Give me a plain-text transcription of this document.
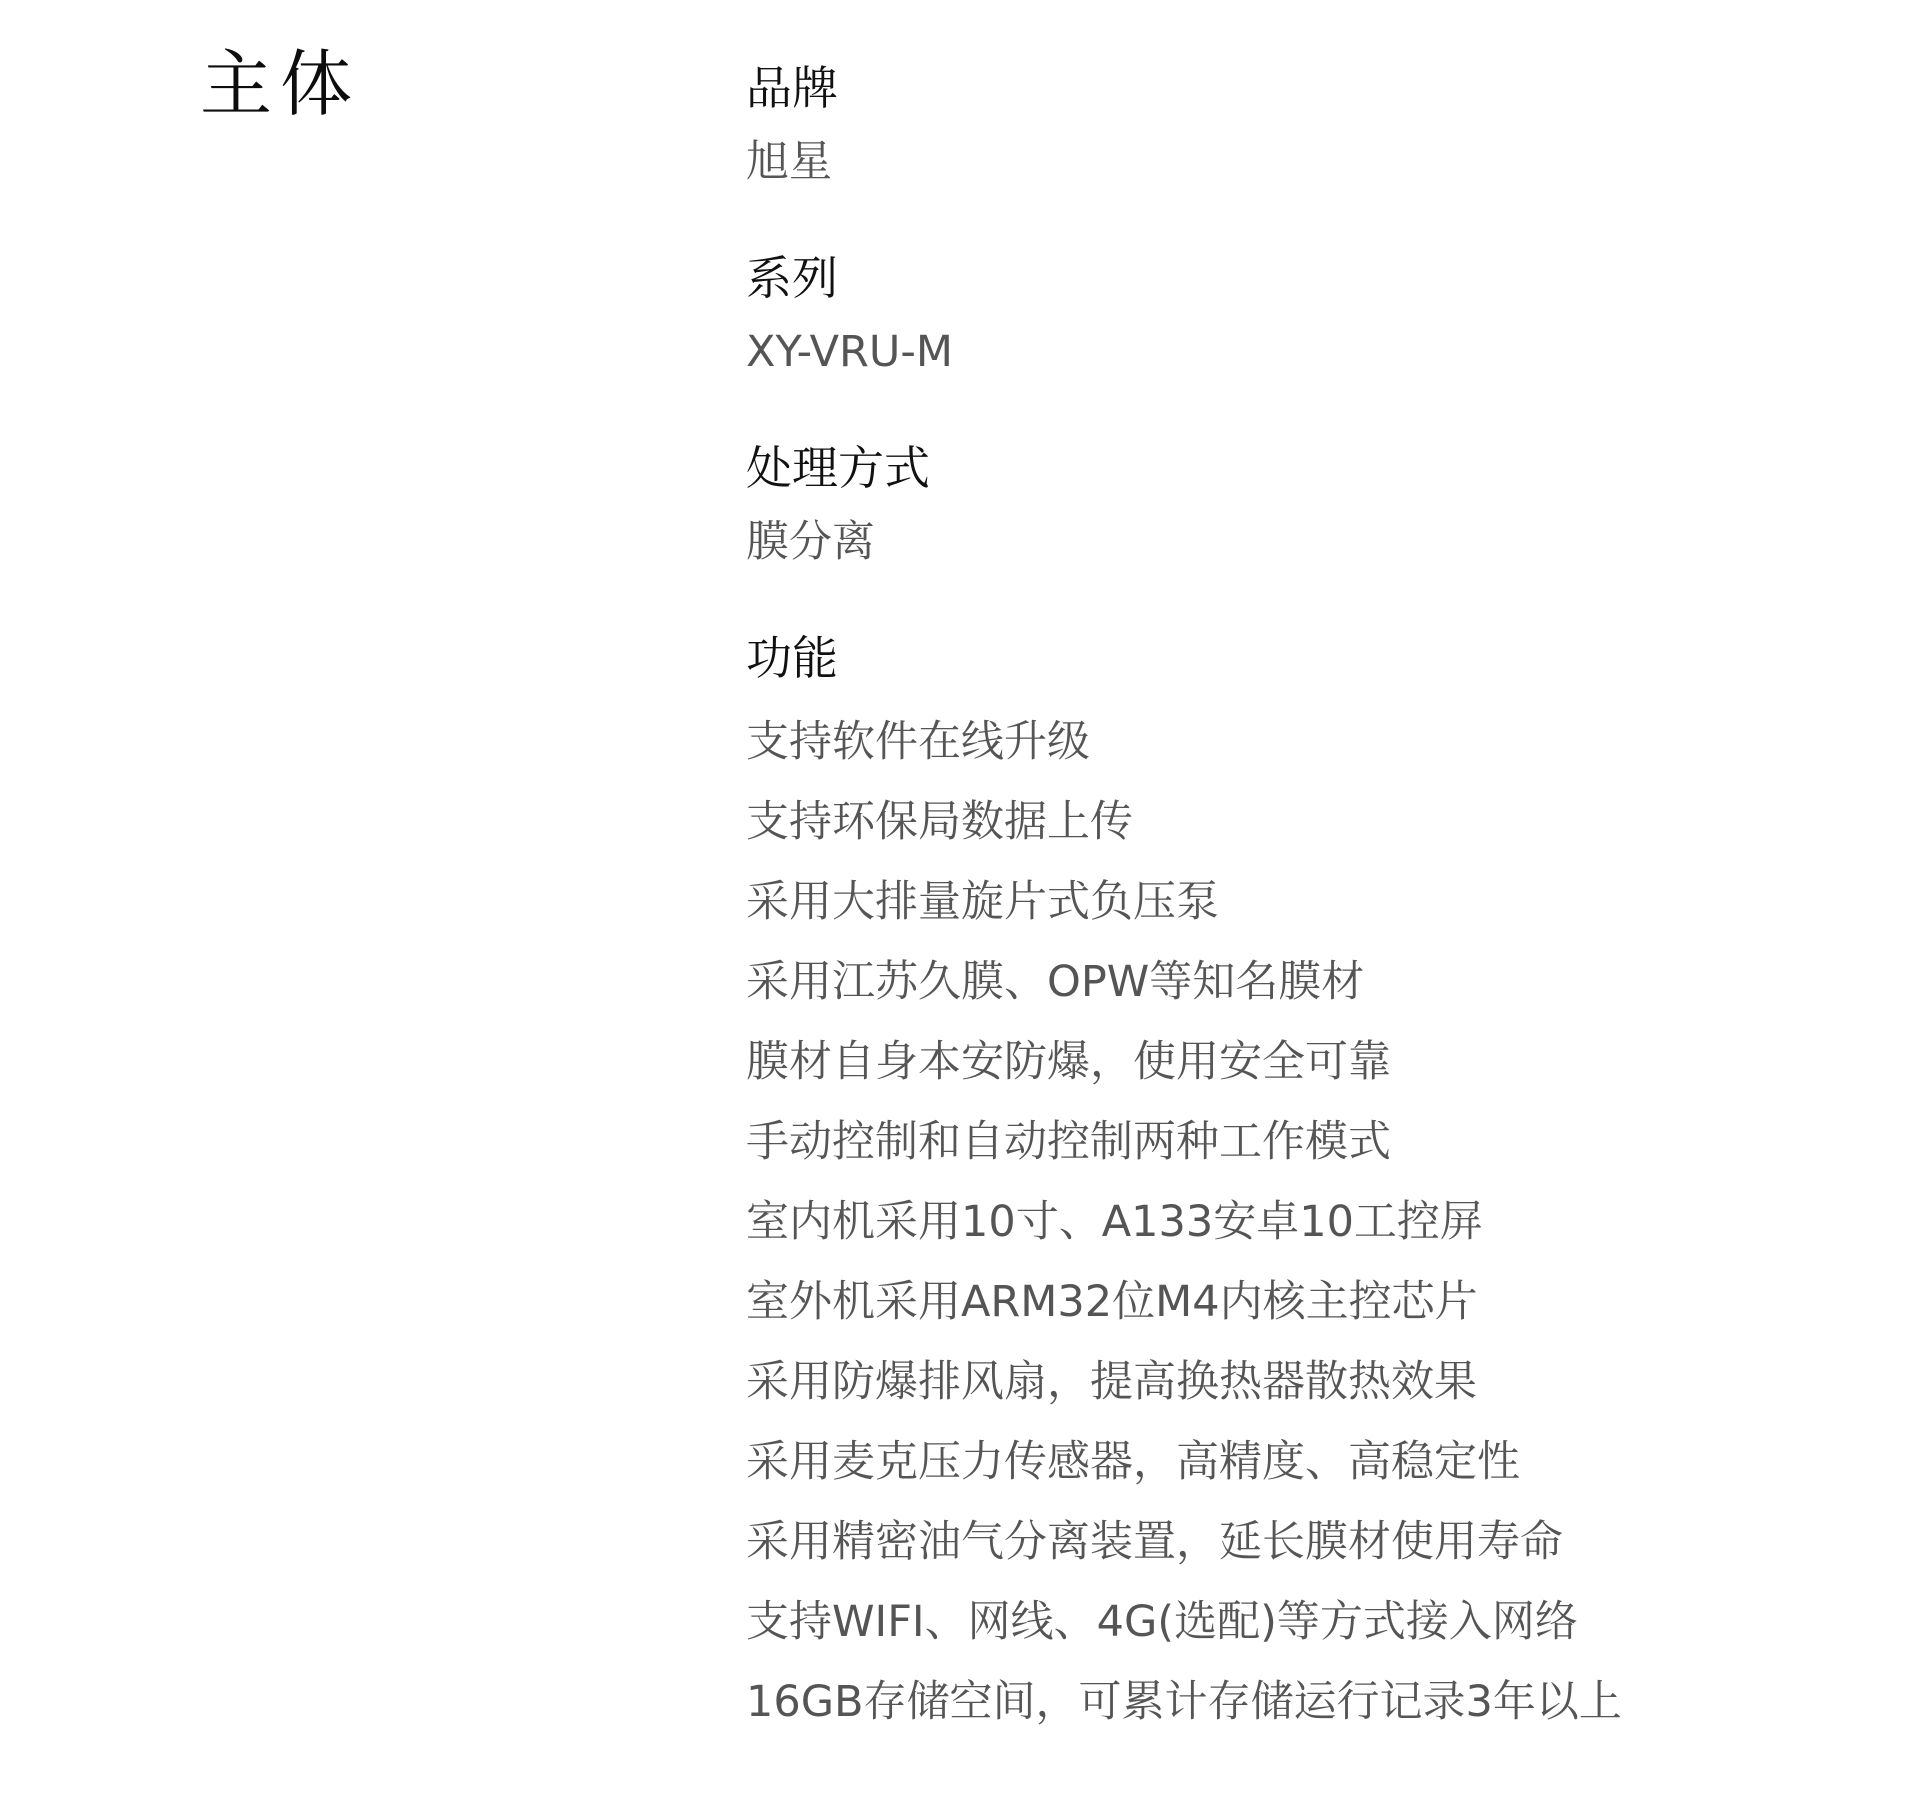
主体	品牌
旭星
系列
XY-VRU-M
处理方式
膜分离
功能
支持软件在线升级
支持环保局数据上传
采用大排量旋片式负压泵
采用江苏久膜、OPW等知名膜材
膜材自身本安防爆，使用安全可靠
手动控制和自动控制两种工作模式
室内机采用10寸、A133安卓10工控屏
室外机采用ARM32位M4内核主控芯片
采用防爆排风扇，提高换热器散热效果
采用麦克压力传感器，高精度、高稳定性
采用精密油气分离装置，延长膜材使用寿命
支持WIFI、网线、4G(选配)等方式接入网络
16GB存储空间，可累计存储运行记录3年以上
